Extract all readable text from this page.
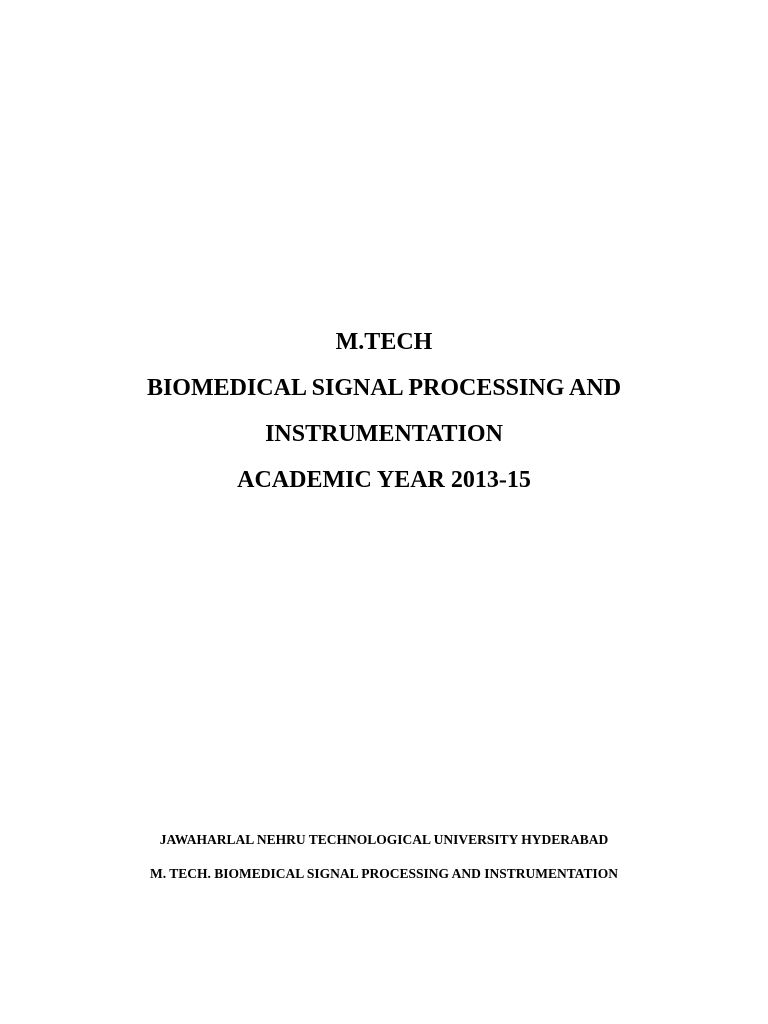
M.TECH
BIOMEDICAL SIGNAL PROCESSING AND
INSTRUMENTATION
ACADEMIC YEAR 2013-15
JAWAHARLAL NEHRU TECHNOLOGICAL UNIVERSITY HYDERABAD
M. TECH. BIOMEDICAL SIGNAL PROCESSING AND INSTRUMENTATION
